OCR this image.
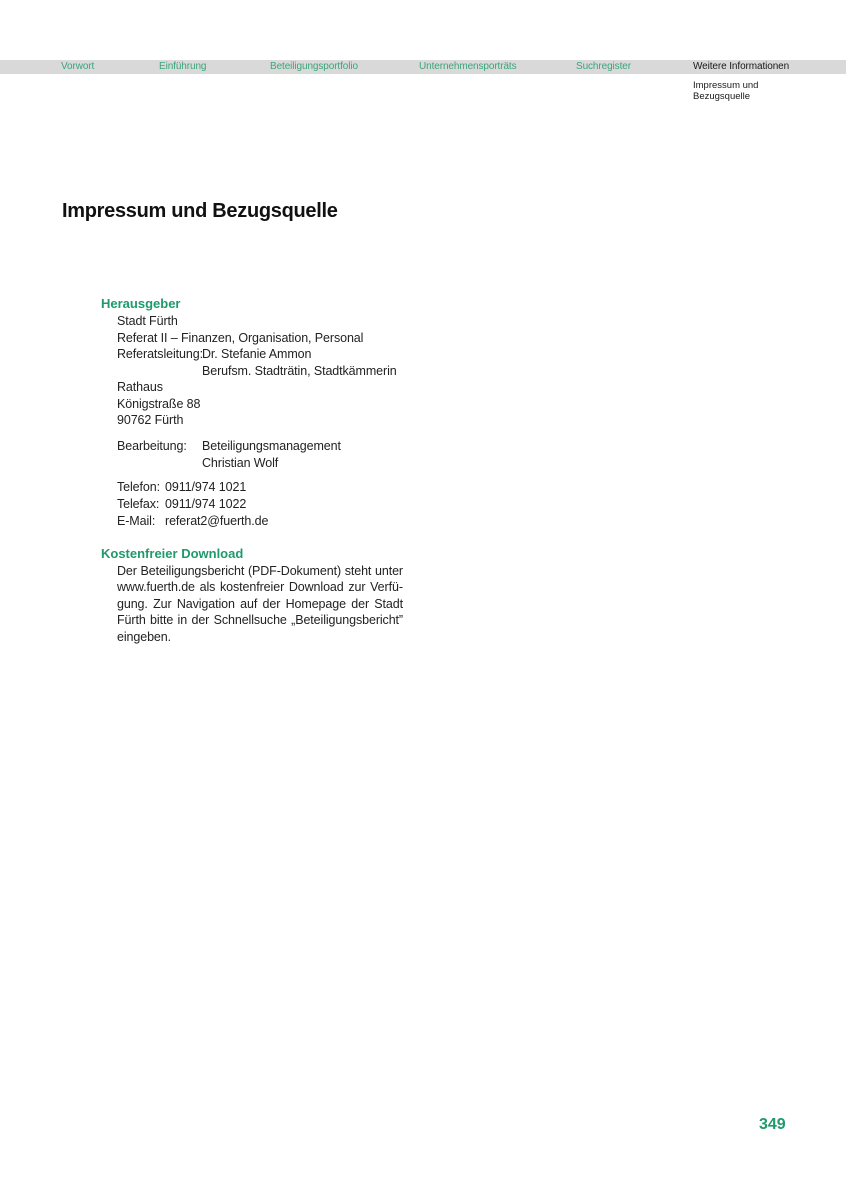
Vorwort	Einführung	Beteiligungsportfolio	Unternehmensporträts	Suchregister	Weitere Informationen
Impressum und
Bezugsquelle
Impressum und Bezugsquelle
Herausgeber
Stadt Fürth
Referat II – Finanzen, Organisation, Personal
Referatsleitung: Dr. Stefanie Ammon
Berufsm. Stadträtin, Stadtkämmerin
Rathaus
Königstraße 88
90762 Fürth
Bearbeitung: Beteiligungsmanagement
Christian Wolf
Telefon: 0911/974 1021
Telefax: 0911/974 1022
E-Mail: referat2@fuerth.de
Kostenfreier Download

Der Beteiligungsbericht (PDF-Dokument) steht unter www.fuerth.de als kostenfreier Download zur Verfügung. Zur Navigation auf der Homepage der Stadt Fürth bitte in der Schnellsuche „Beteiligungsbericht” eingeben.

349
